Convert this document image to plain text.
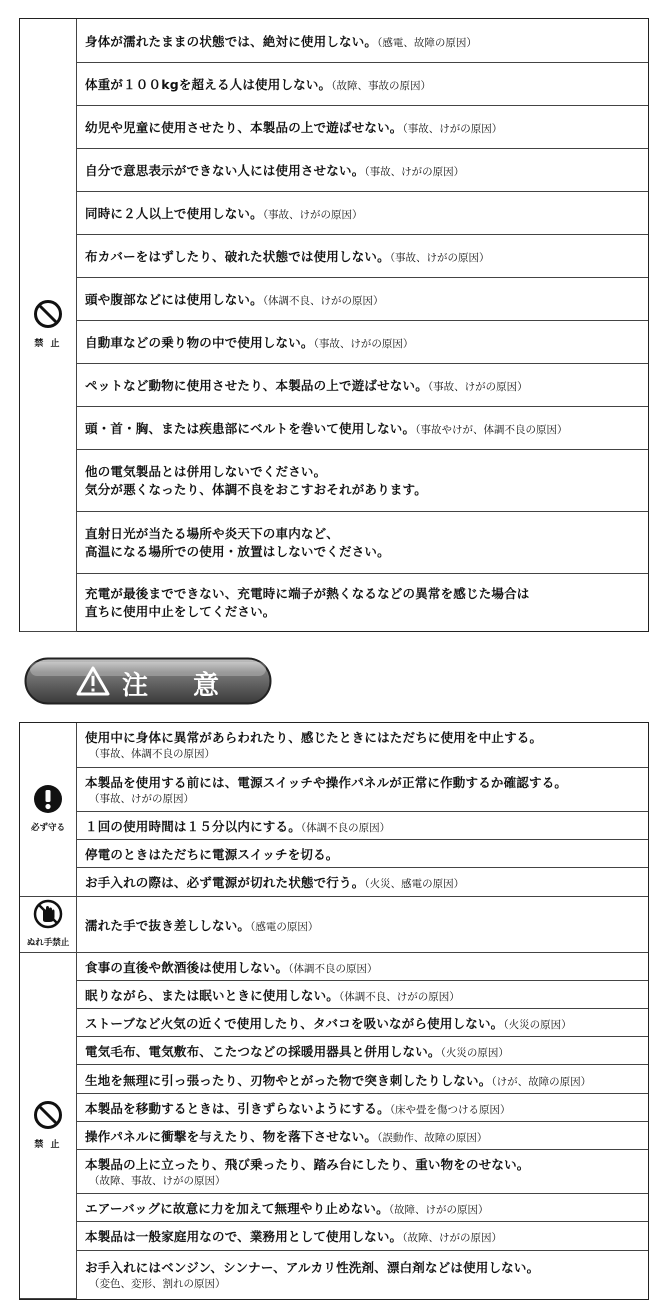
禁 止
	身体が濡れたままの状態では、絶対に使用しない。（感電、故障の原因）
体重が１００kgを超える人は使用しない。（故障、事故の原因）
幼児や児童に使用させたり、本製品の上で遊ばせない。（事故、けがの原因）
自分で意思表示ができない人には使用させない。（事故、けがの原因）
同時に２人以上で使用しない。（事故、けがの原因）
布カバーをはずしたり、破れた状態では使用しない。（事故、けがの原因）
頭や腹部などには使用しない。（体調不良、けがの原因）
自動車などの乗り物の中で使用しない。（事故、けがの原因）
ペットなど動物に使用させたり、本製品の上で遊ばせない。（事故、けがの原因）
頭・首・胸、または疾患部にベルトを巻いて使用しない。（事故やけが、体調不良の原因）

他の電気製品とは併用しないでください。
気分が悪くなったり、体調不良をおこすおそれがあります。

直射日光が当たる場所や炎天下の車内など、
高温になる場所での使用・放置はしないでください。

充電が最後までできない、充電時に端子が熱くなるなどの異常を感じた場合は
直ちに使用中止をしてください。
注 意
必ず守る	使用中に身体に異常があらわれたり、感じたときにはただちに使用を中止する。
（事故、体調不良の原因）

	本製品を使用する前には、電源スイッチや操作パネルが正常に作動するか確認する。
（事故、けがの原因）

	１回の使用時間は１５分以内にする。（体調不良の原因）
	停電のときはただちに電源スイッチを切る。
	お手入れの際は、必ず電源が切れた状態で行う。（火災、感電の原因）

ぬれ手禁止	濡れた手で抜き差ししない。（感電の原因）

禁 止	食事の直後や飲酒後は使用しない。（体調不良の原因）
	眠りながら、または眠いときに使用しない。（体調不良、けがの原因）
	ストーブなど火気の近くで使用したり、タバコを吸いながら使用しない。（火災の原因）
	電気毛布、電気敷布、こたつなどの採暖用器具と併用しない。（火災の原因）
	生地を無理に引っ張ったり、刃物やとがった物で突き刺したりしない。（けが、故障の原因）
	本製品を移動するときは、引きずらないようにする。（床や畳を傷つける原因）
	操作パネルに衝撃を与えたり、物を落下させない。（誤動作、故障の原因）

	本製品の上に立ったり、飛び乗ったり、踏み台にしたり、重い物をのせない。
（故障、事故、けがの原因）

	エアーバッグに故意に力を加えて無理やり止めない。（故障、けがの原因）
	本製品は一般家庭用なので、業務用として使用しない。（故障、けがの原因）

	お手入れにはベンジン、シンナー、アルカリ性洗剤、漂白剤などは使用しない。
（変色、変形、割れの原因）
